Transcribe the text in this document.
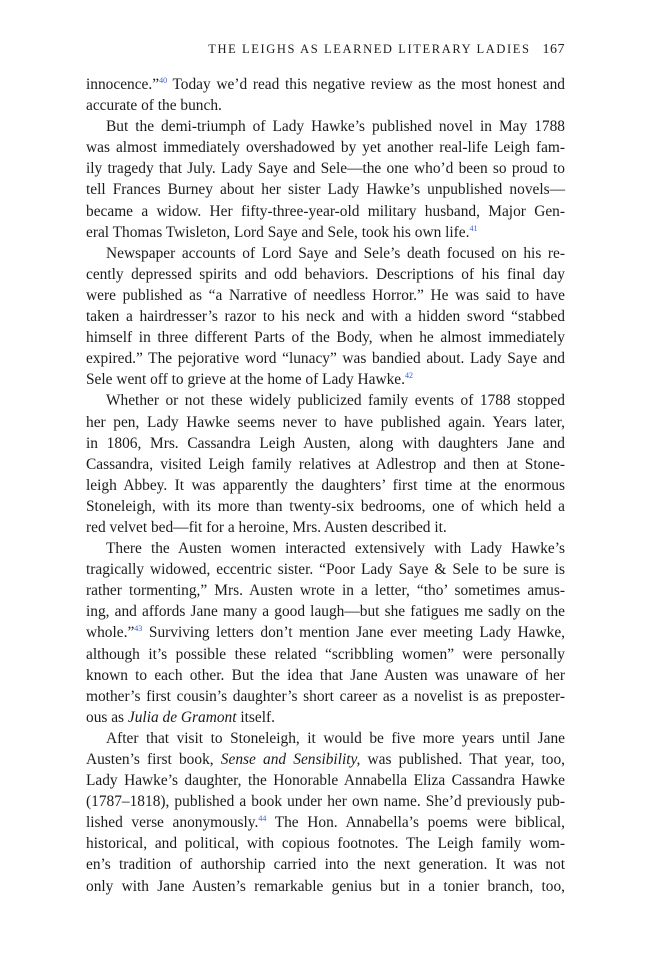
THE LEIGHS AS LEARNED LITERARY LADIES 167
innocence.”$^{40}$ Today we’d read this negative review as the most honest and
accurate of the bunch.
But the demi-triumph of Lady Hawke’s published novel in May 1788
was almost immediately overshadowed by yet another real-life Leigh fam-
ily tragedy that July. Lady Saye and Sele—the one who’d been so proud to
tell Frances Burney about her sister Lady Hawke’s unpublished novels—
became a widow. Her fifty-three-year-old military husband, Major Gen-
eral Thomas Twisleton, Lord Saye and Sele, took his own life.$^{41}$
Newspaper accounts of Lord Saye and Sele’s death focused on his re-
cently depressed spirits and odd behaviors. Descriptions of his final day
were published as “a Narrative of needless Horror.” He was said to have
taken a hairdresser’s razor to his neck and with a hidden sword “stabbed
himself in three different Parts of the Body, when he almost immediately
expired.” The pejorative word “lunacy” was bandied about. Lady Saye and
Sele went off to grieve at the home of Lady Hawke.$^{42}$
Whether or not these widely publicized family events of 1788 stopped
her pen, Lady Hawke seems never to have published again. Years later,
in 1806, Mrs. Cassandra Leigh Austen, along with daughters Jane and
Cassandra, visited Leigh family relatives at Adlestrop and then at Stone-
leigh Abbey. It was apparently the daughters’ first time at the enormous
Stoneleigh, with its more than twenty-six bedrooms, one of which held a
red velvet bed—fit for a heroine, Mrs. Austen described it.
There the Austen women interacted extensively with Lady Hawke’s
tragically widowed, eccentric sister. “Poor Lady Saye & Sele to be sure is
rather tormenting,” Mrs. Austen wrote in a letter, “tho’ sometimes amus-
ing, and affords Jane many a good laugh—but she fatigues me sadly on the
whole.”$^{43}$ Surviving letters don’t mention Jane ever meeting Lady Hawke,
although it’s possible these related “scribbling women” were personally
known to each other. But the idea that Jane Austen was unaware of her
mother’s first cousin’s daughter’s short career as a novelist is as preposter-
ous as Julia de Gramont itself.
After that visit to Stoneleigh, it would be five more years until Jane
Austen’s first book, Sense and Sensibility, was published. That year, too,
Lady Hawke’s daughter, the Honorable Annabella Eliza Cassandra Hawke
(1787–1818), published a book under her own name. She’d previously pub-
lished verse anonymously.$^{44}$ The Hon. Annabella’s poems were biblical,
historical, and political, with copious footnotes. The Leigh family wom-
en’s tradition of authorship carried into the next generation. It was not
only with Jane Austen’s remarkable genius but in a tonier branch, too,
